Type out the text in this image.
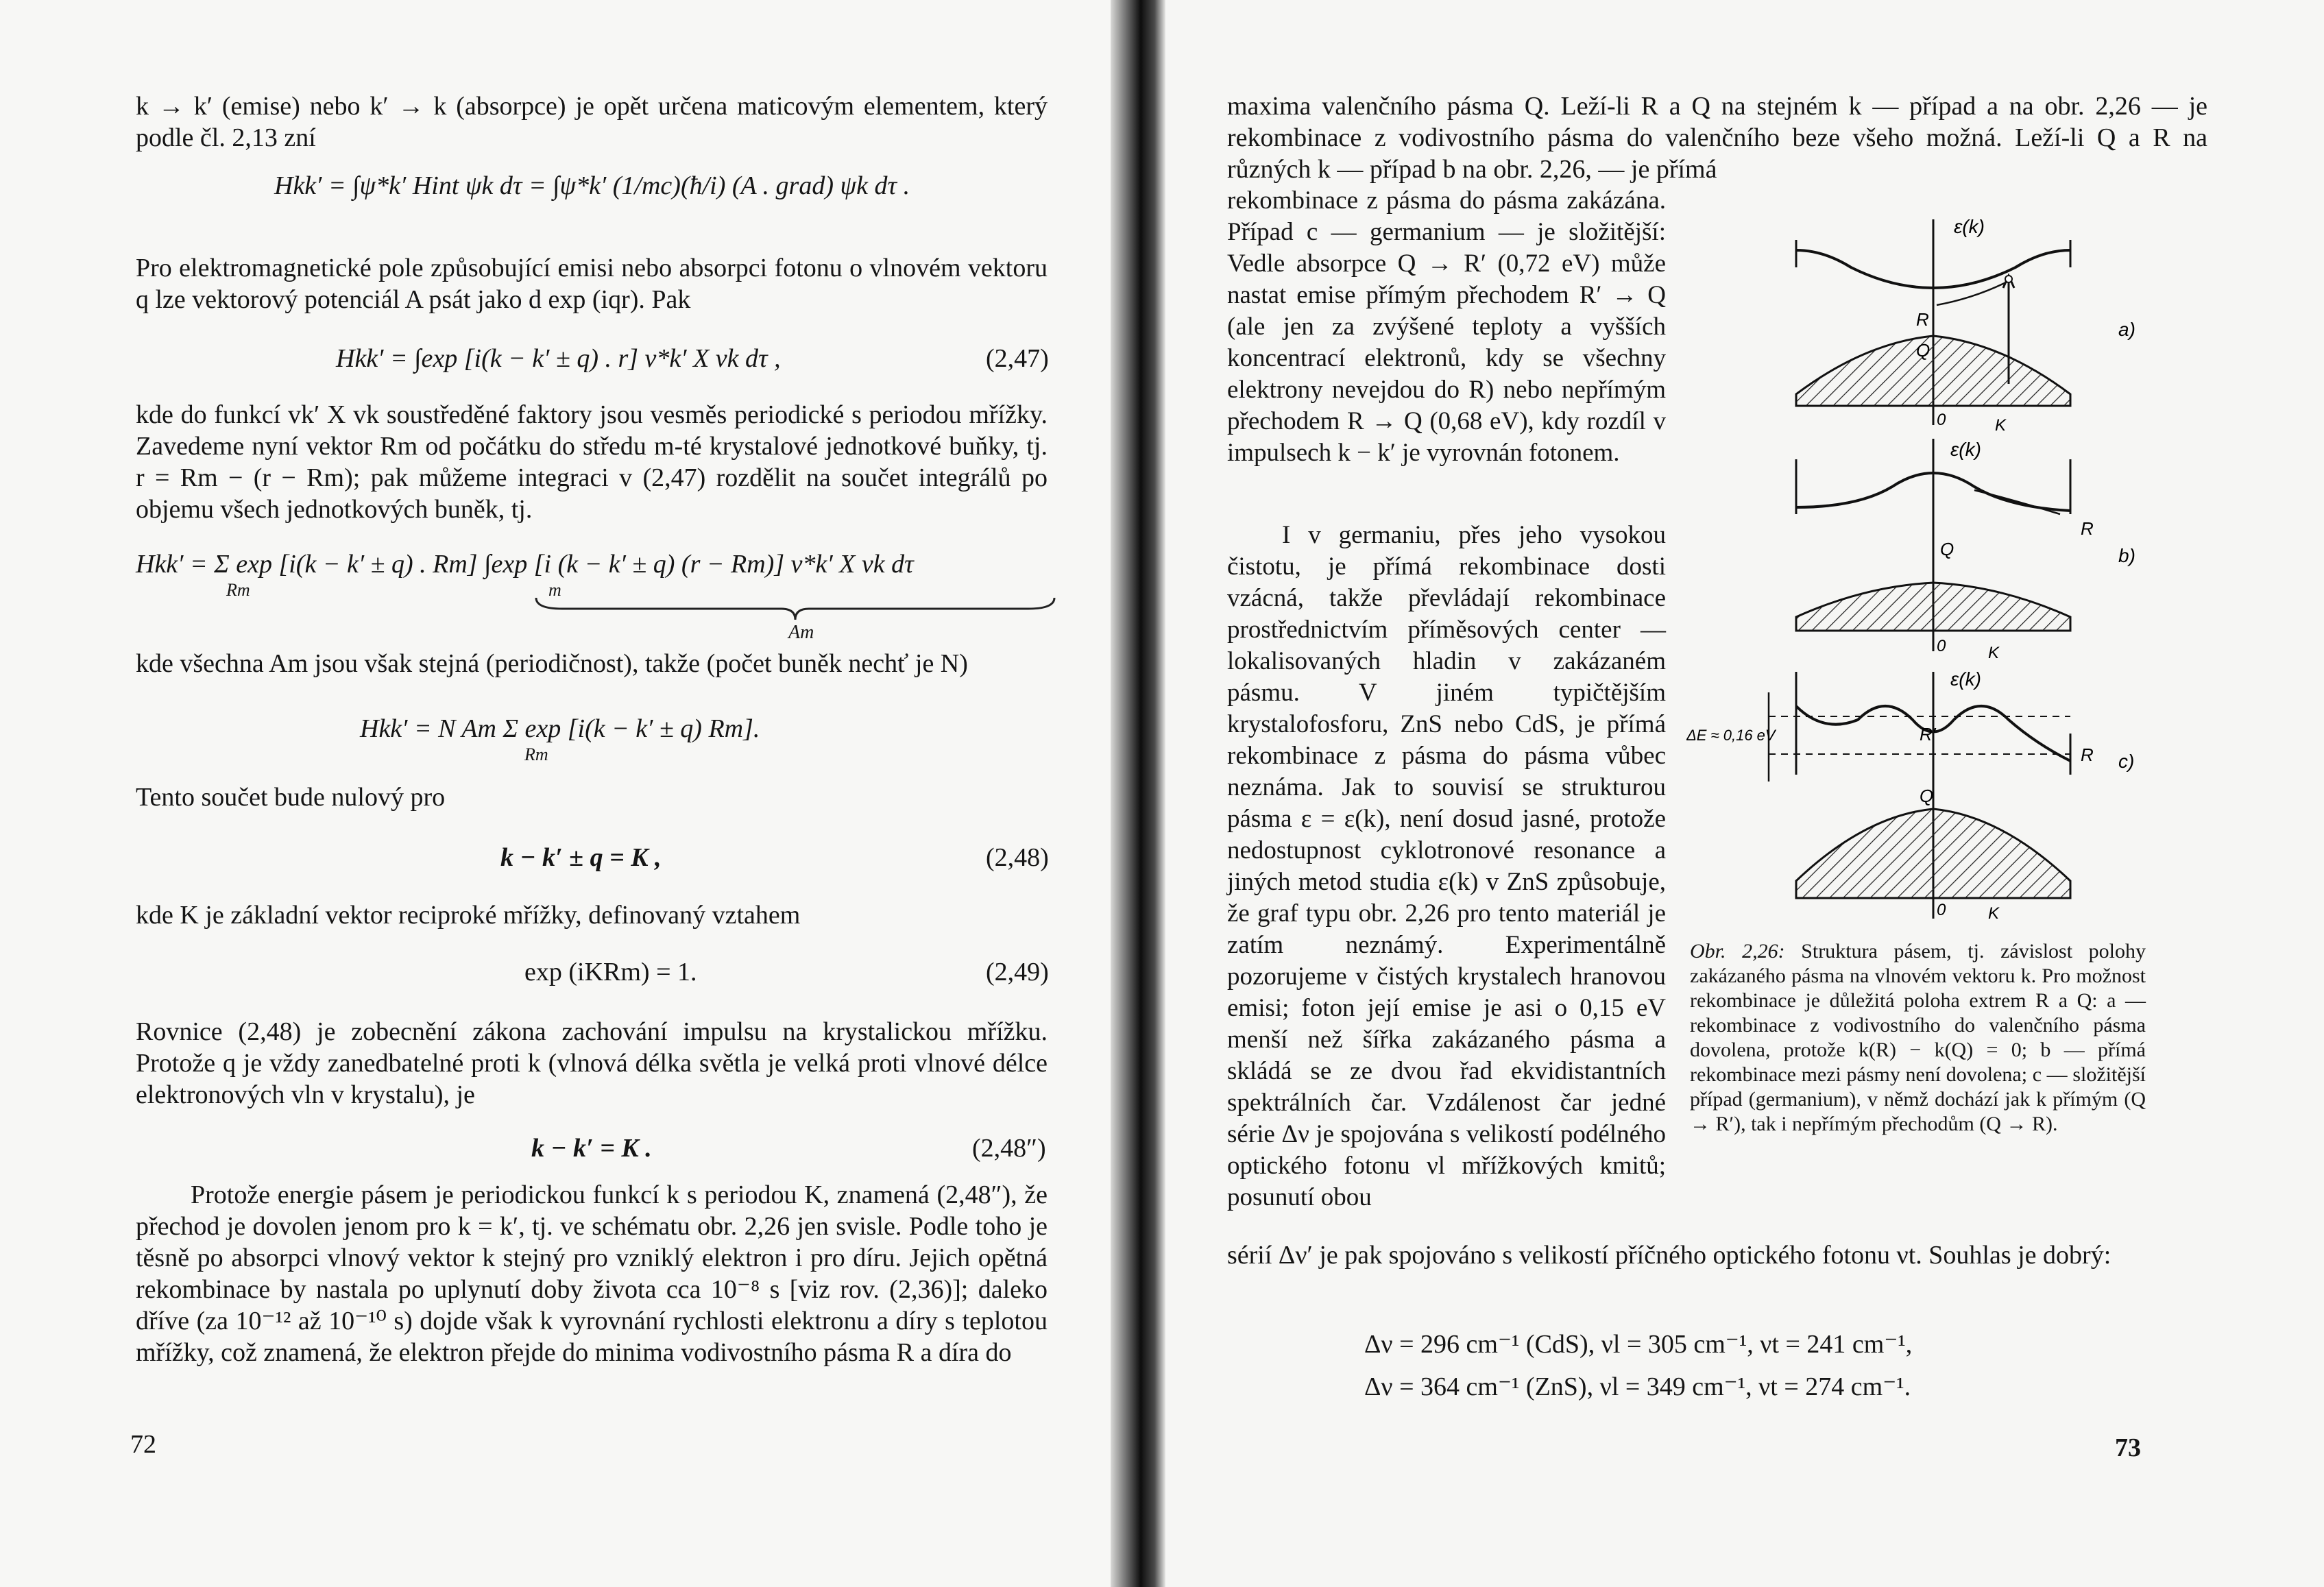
k → k′ (emise) nebo k′ → k (absorpce) je opět určena maticovým elementem, který podle čl. 2,13 zní
Hkk′ = ∫ψ*k′ Hint ψk dτ = ∫ψ*k′ (1/mc)(ħ/i) (A . grad) ψk dτ .
Pro elektromagnetické pole způsobující emisi nebo absorpci fotonu o vlnovém vektoru q lze vektorový potenciál A psát jako d exp (iqr). Pak
Hkk′ = ∫exp [i(k − k′ ± q) . r] v*k′ X vk dτ ,	(2,47)
kde do funkcí vk′ X vk soustředěné faktory jsou vesměs periodické s periodou mřížky. Zavedeme nyní vektor Rm od počátku do středu m-té krystalové jednotkové buňky, tj. r = Rm − (r − Rm); pak můžeme integraci v (2,47) rozdělit na součet integrálů po objemu všech jednotkových buněk, tj.
Hkk′ = Σ exp [i(k − k′ ± q) . Rm] ∫exp [i (k − k′ ± q) (r − Rm)] v*k′ X vk dτ
Rm	m
Am
kde všechna Am jsou však stejná (periodičnost), takže (počet buněk nechť je N)
Hkk′ = N Am Σ exp [i(k − k′ ± q) Rm].
Rm
Tento součet bude nulový pro
k − k′ ± q = K ,	(2,48)
kde K je základní vektor reciproké mřížky, definovaný vztahem
exp (iKRm) = 1.	(2,49)
Rovnice (2,48) je zobecnění zákona zachování impulsu na krystalickou mřížku. Protože q je vždy zanedbatelné proti k (vlnová délka světla je velká proti vlnové délce elektronových vln v krystalu), je
k − k′ = K .	(2,48″)
Protože energie pásem je periodickou funkcí k s periodou K, znamená (2,48″), že přechod je dovolen jenom pro k = k′, tj. ve schématu obr. 2,26 jen svisle. Podle toho je těsně po absorpci vlnový vektor k stejný pro vzniklý elektron i pro díru. Jejich opětná rekombinace by nastala po uplynutí doby života cca 10⁻⁸ s [viz rov. (2,36)]; daleko dříve (za 10⁻¹² až 10⁻¹⁰ s) dojde však k vyrovnání rychlosti elektronu a díry s teplotou mřížky, což znamená, že elektron přejde do minima vodivostního pásma R a díra do
72
maxima valenčního pásma Q. Leží-li R a Q na stejném k — případ a na obr. 2,26 — je rekombinace z vodivostního pásma do valenčního beze všeho možná. Leží-li Q a R na různých k — případ b na obr. 2,26, — je přímá
rekombinace z pásma do pásma zakázána. Případ c — germanium — je složitější: Vedle absorpce Q → R′ (0,72 eV) může nastat emise přímým přechodem R′ → Q (ale jen za zvýšené teploty a vyšších koncentrací elektronů, kdy se všechny elektrony nevejdou do R) nebo nepřímým přechodem R → Q (0,68 eV), kdy rozdíl v impulsech k − k′ je vyrovnán fotonem.
I v germaniu, přes jeho vysokou čistotu, je přímá rekombinace dosti vzácná, takže převládají rekombinace prostřednictvím příměsových center — lokalisovaných hladin v zakázaném pásmu. V jiném typičtějším krystalofosforu, ZnS nebo CdS, je přímá rekombinace z pásma do pásma vůbec neznáma. Jak to souvisí se strukturou pásma ε = ε(k), není dosud jasné, protože nedostupnost cyklotronové resonance a jiných metod studia ε(k) v ZnS způsobuje, že graf typu obr. 2,26 pro tento materiál je zatím neznámý. Experimentálně pozorujeme v čistých krystalech hranovou emisi; foton její emise je asi o 0,15 eV menší než šířka zakázaného pásma a skládá se ze dvou řad ekvidistantních spektrálních čar. Vzdálenost čar jedné série Δν je spojována s velikostí podélného optického fotonu νl mřížkových kmitů; posunutí obou
sérií Δν′ je pak spojováno s velikostí příčného optického fotonu νt. Souhlas je dobrý:
Δν = 296 cm⁻¹ (CdS), νl = 305 cm⁻¹, νt = 241 cm⁻¹,
Δν = 364 cm⁻¹ (ZnS), νl = 349 cm⁻¹, νt = 274 cm⁻¹.
73
ε(k)
R
Q
0	K
a)
ε(k)
R
Q
0	K
b)
ε(k)
ΔE ≈ 0,16 eV	R′
R
Q
0	K
c)
Obr. 2,26: Struktura pásem, tj. závislost polohy zakázaného pásma na vlnovém vektoru k. Pro možnost rekombinace je důležitá poloha extrem R a Q: a — rekombinace z vodivostního do valenčního pásma dovolena, protože k(R) − k(Q) = 0; b — přímá rekombinace mezi pásmy není dovolena; c — složitější případ (germanium), v němž dochází jak k přímým (Q → R′), tak i nepřímým přechodům (Q → R).
